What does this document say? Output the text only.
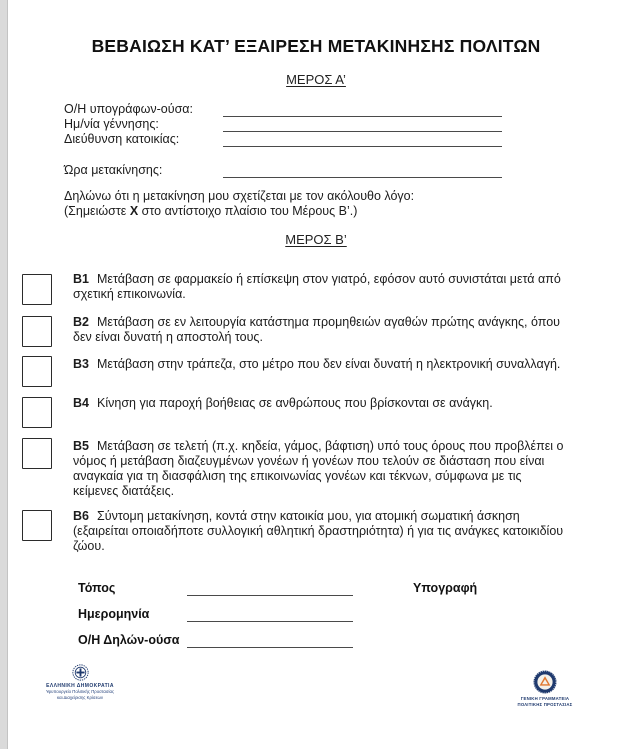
ΒΕΒΑΙΩΣΗ ΚΑΤ’ ΕΞΑΙΡΕΣΗ ΜΕΤΑΚΙΝΗΣΗΣ ΠΟΛΙΤΩΝ
ΜΕΡΟΣ Α’
Ο/Η υπογράφων-ούσα:
Ημ/νία γέννησης:
Διεύθυνση κατοικίας:
Ώρα μετακίνησης:
Δηλώνω ότι η μετακίνηση μου σχετίζεται με τον ακόλουθο λόγο:
(Σημειώστε X στο αντίστοιχο πλαίσιο του Μέρους Β’.)
ΜΕΡΟΣ Β’
B1 Μετάβαση σε φαρμακείο ή επίσκεψη στον γιατρό, εφόσον αυτό συνιστάται μετά από σχετική επικοινωνία.
B2 Μετάβαση σε εν λειτουργία κατάστημα προμηθειών αγαθών πρώτης ανάγκης, όπου δεν είναι δυνατή η αποστολή τους.
B3 Μετάβαση στην τράπεζα, στο μέτρο που δεν είναι δυνατή η ηλεκτρονική συναλλαγή.
B4 Κίνηση για παροχή βοήθειας σε ανθρώπους που βρίσκονται σε ανάγκη.
B5 Μετάβαση σε τελετή (π.χ. κηδεία, γάμος, βάφτιση) υπό τους όρους που προβλέπει ο νόμος ή μετάβαση διαζευγμένων γονέων ή γονέων που τελούν σε διάσταση που είναι αναγκαία για τη διασφάλιση της επικοινωνίας γονέων και τέκνων, σύμφωνα με τις κείμενες διατάξεις.
B6 Σύντομη μετακίνηση, κοντά στην κατοικία μου, για ατομική σωματική άσκηση (εξαιρείται οποιαδήποτε συλλογική αθλητική δραστηριότητα) ή για τις ανάγκες κατοικιδίου ζώου.
Τόπος	Υπογραφή
Ημερομηνία
Ο/Η Δηλών-ούσα
ΕΛΛΗΝΙΚΗ ΔΗΜΟΚΡΑΤΙΑ
Υφυπουργείο Πολιτικής Προστασίας
και Διαχείρισης Κρίσεων	ΓΕΝΙΚΗ ΓΡΑΜΜΑΤΕΙΑ
ΠΟΛΙΤΙΚΗΣ ΠΡΟΣΤΑΣΙΑΣ
